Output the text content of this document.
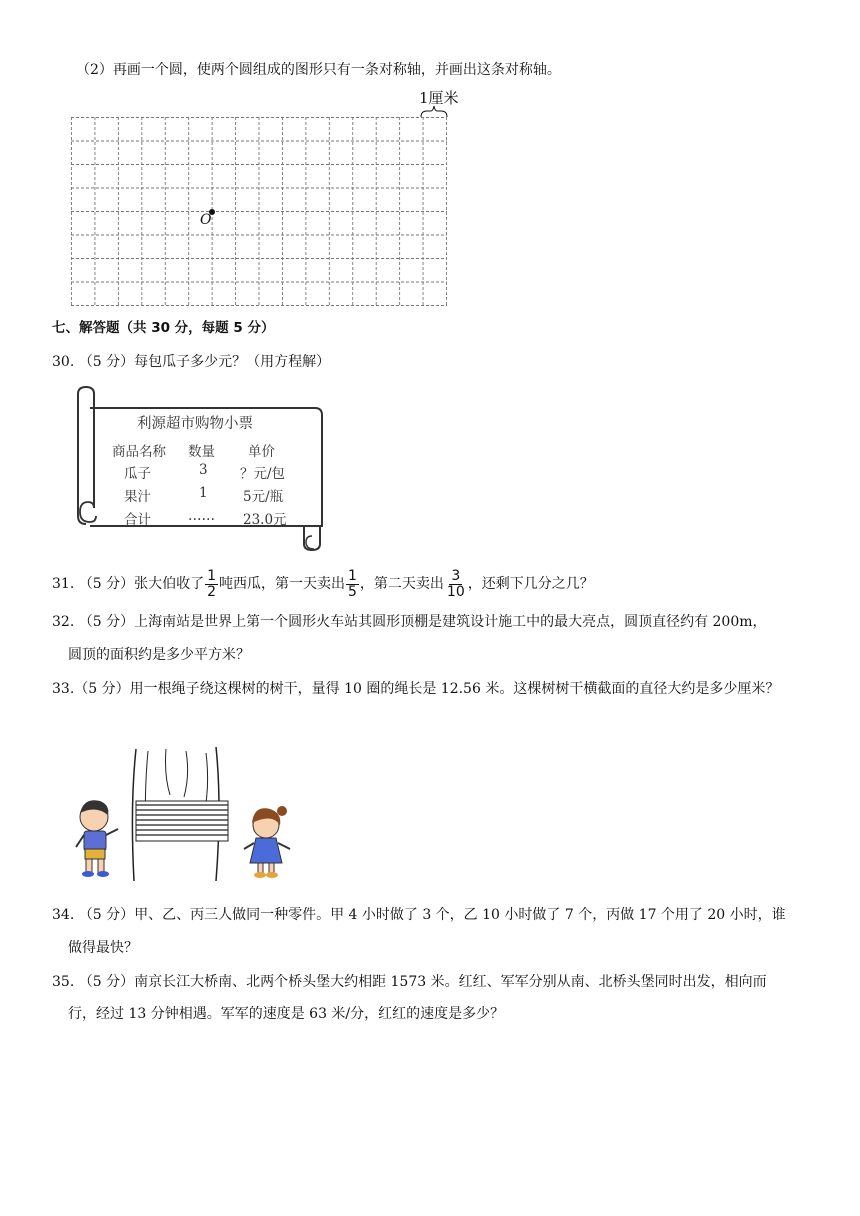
（2）再画一个圆，使两个圆组成的图形只有一条对称轴，并画出这条对称轴。
1厘米
O
七、解答题（共 30 分，每题 5 分）
30. （5 分）每包瓜子多少元？（用方程解）
利源超市购物小票
商品名称 数量 单价
瓜子	3 ？元/包
果汁	1	5元/瓶
合计	…… 23.0元
31. （5 分）张大伯收了 $\frac{1}{2}$ 吨西瓜，第一天卖出 $\frac{1}{5}$ ，第二天卖出 $\frac{3}{10}$ ，还剩下几分之几？
32. （5 分）上海南站是世界上第一个圆形火车站其圆形顶棚是建筑设计施工中的最大亮点，圆顶直径约有 200m，
圆顶的面积约是多少平方米？
33.（5 分）用一根绳子绕这棵树的树干，量得 10 圈的绳长是 12.56 米。这棵树树干横截面的直径大约是多少厘米？
34. （5 分）甲、乙、丙三人做同一种零件。甲 4 小时做了 3 个，乙 10 小时做了 7 个，丙做 17 个用了 20 小时，谁
做得最快？
35. （5 分）南京长江大桥南、北两个桥头堡大约相距 1573 米。红红、军军分别从南、北桥头堡同时出发，相向而
行，经过 13 分钟相遇。军军的速度是 63 米/分，红红的速度是多少？
